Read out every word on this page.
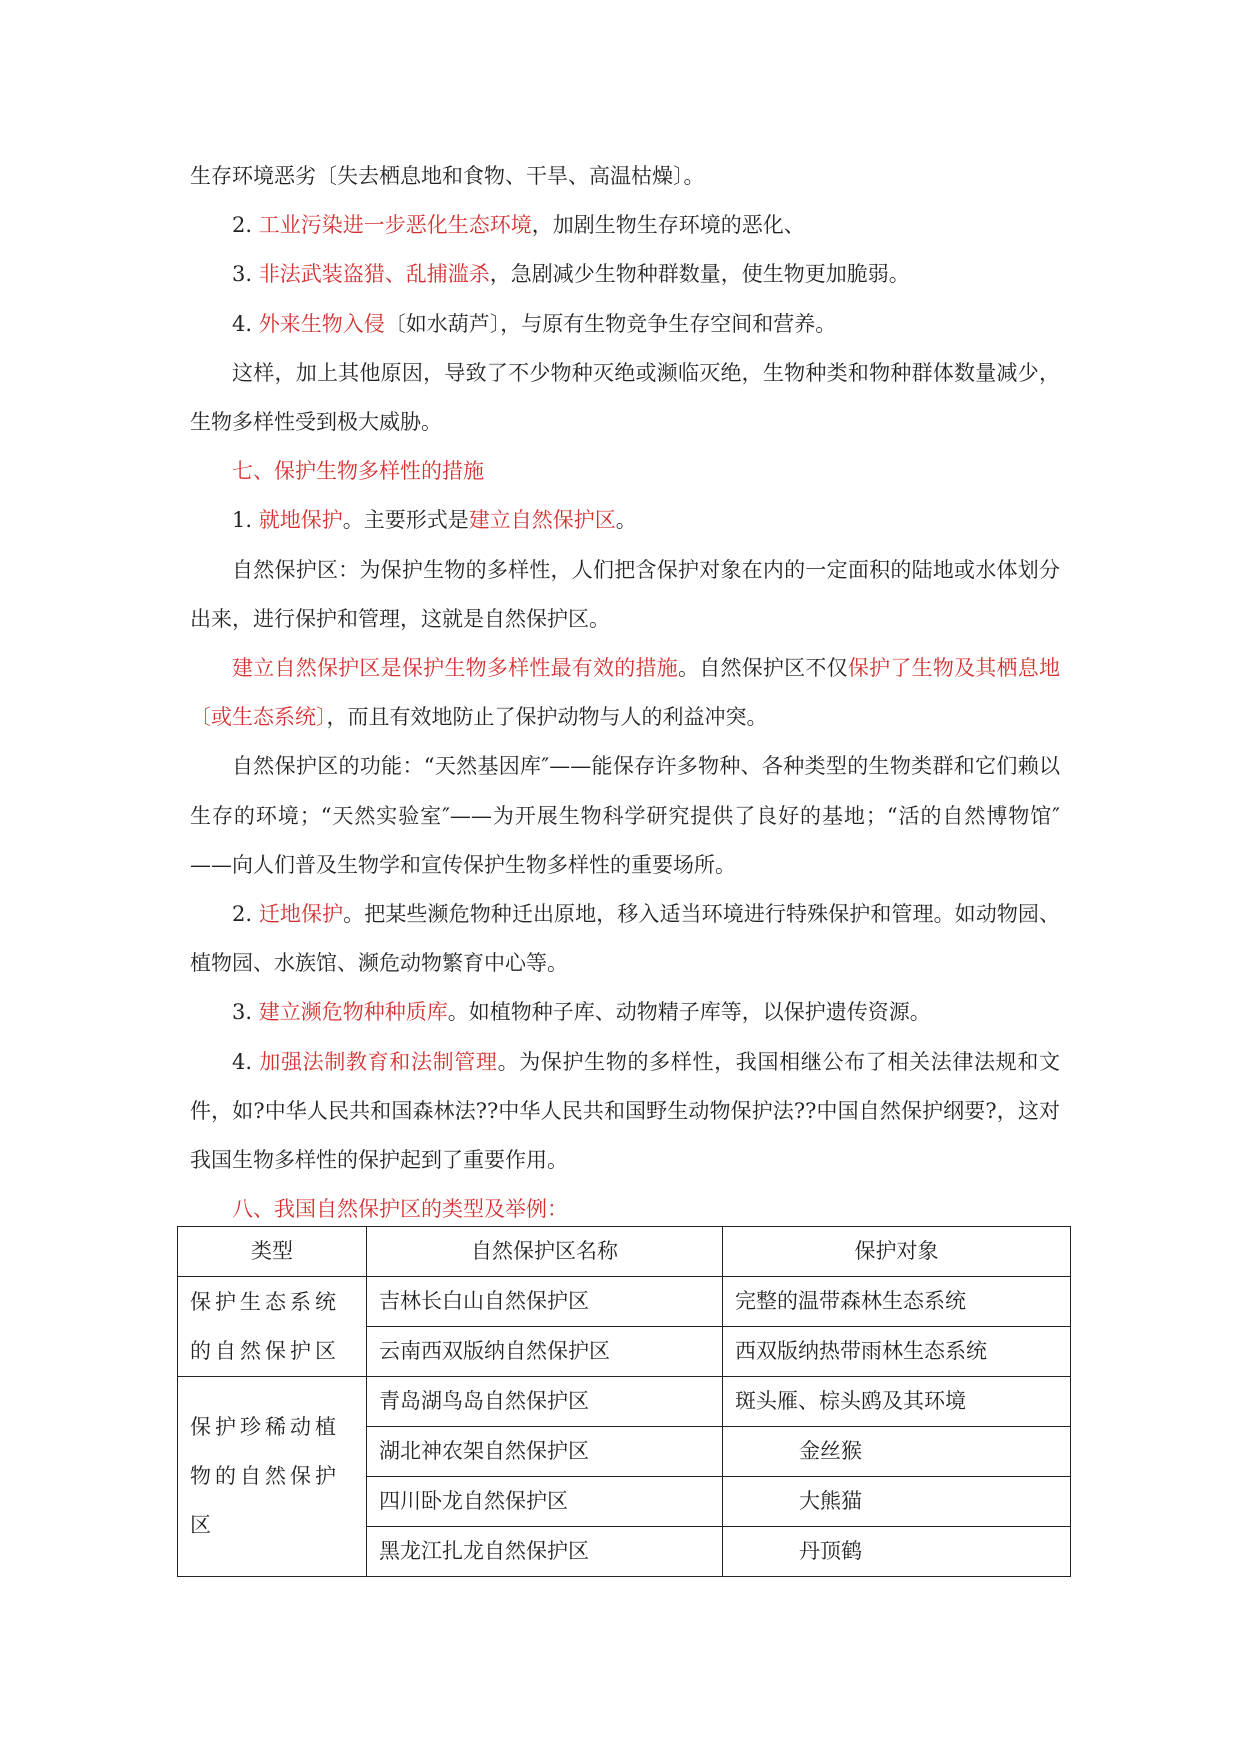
生存环境恶劣〔失去栖息地和食物、干旱、高温枯燥〕。

2. 工业污染进一步恶化生态环境，加剧生物生存环境的恶化、

3. 非法武装盗猎、乱捕滥杀，急剧减少生物种群数量，使生物更加脆弱。

4. 外来生物入侵〔如水葫芦〕，与原有生物竞争生存空间和营养。

这样，加上其他原因，导致了不少物种灭绝或濒临灭绝，生物种类和物种群体数量减少，生物多样性受到极大威胁。

七、保护生物多样性的措施

1. 就地保护。主要形式是建立自然保护区。

自然保护区：为保护生物的多样性，人们把含保护对象在内的一定面积的陆地或水体划分出来，进行保护和管理，这就是自然保护区。

建立自然保护区是保护生物多样性最有效的措施。自然保护区不仅保护了生物及其栖息地〔或生态系统〕，而且有效地防止了保护动物与人的利益冲突。

自然保护区的功能：“天然基因库″——能保存许多物种、各种类型的生物类群和它们赖以生存的环境；“天然实验室″——为开展生物科学研究提供了良好的基地；“活的自然博物馆″——向人们普及生物学和宣传保护生物多样性的重要场所。

2. 迁地保护。把某些濒危物种迁出原地，移入适当环境进行特殊保护和管理。如动物园、植物园、水族馆、濒危动物繁育中心等。

3. 建立濒危物种种质库。如植物种子库、动物精子库等，以保护遗传资源。

4. 加强法制教育和法制管理。为保护生物的多样性，我国相继公布了相关法律法规和文件，如?中华人民共和国森林法??中华人民共和国野生动物保护法??中国自然保护纲要?，这对我国生物多样性的保护起到了重要作用。

八、我国自然保护区的类型及举例：

类型	自然保护区名称	保护对象
保护生态系统的自然保护区	吉林长白山自然保护区	完整的温带森林生态系统
	云南西双版纳自然保护区	西双版纳热带雨林生态系统
保护珍稀动植物的自然保护区	青岛湖鸟岛自然保护区	斑头雁、棕头鸥及其环境
	湖北神农架自然保护区	金丝猴
	四川卧龙自然保护区	大熊猫
	黑龙江扎龙自然保护区	丹顶鹤
